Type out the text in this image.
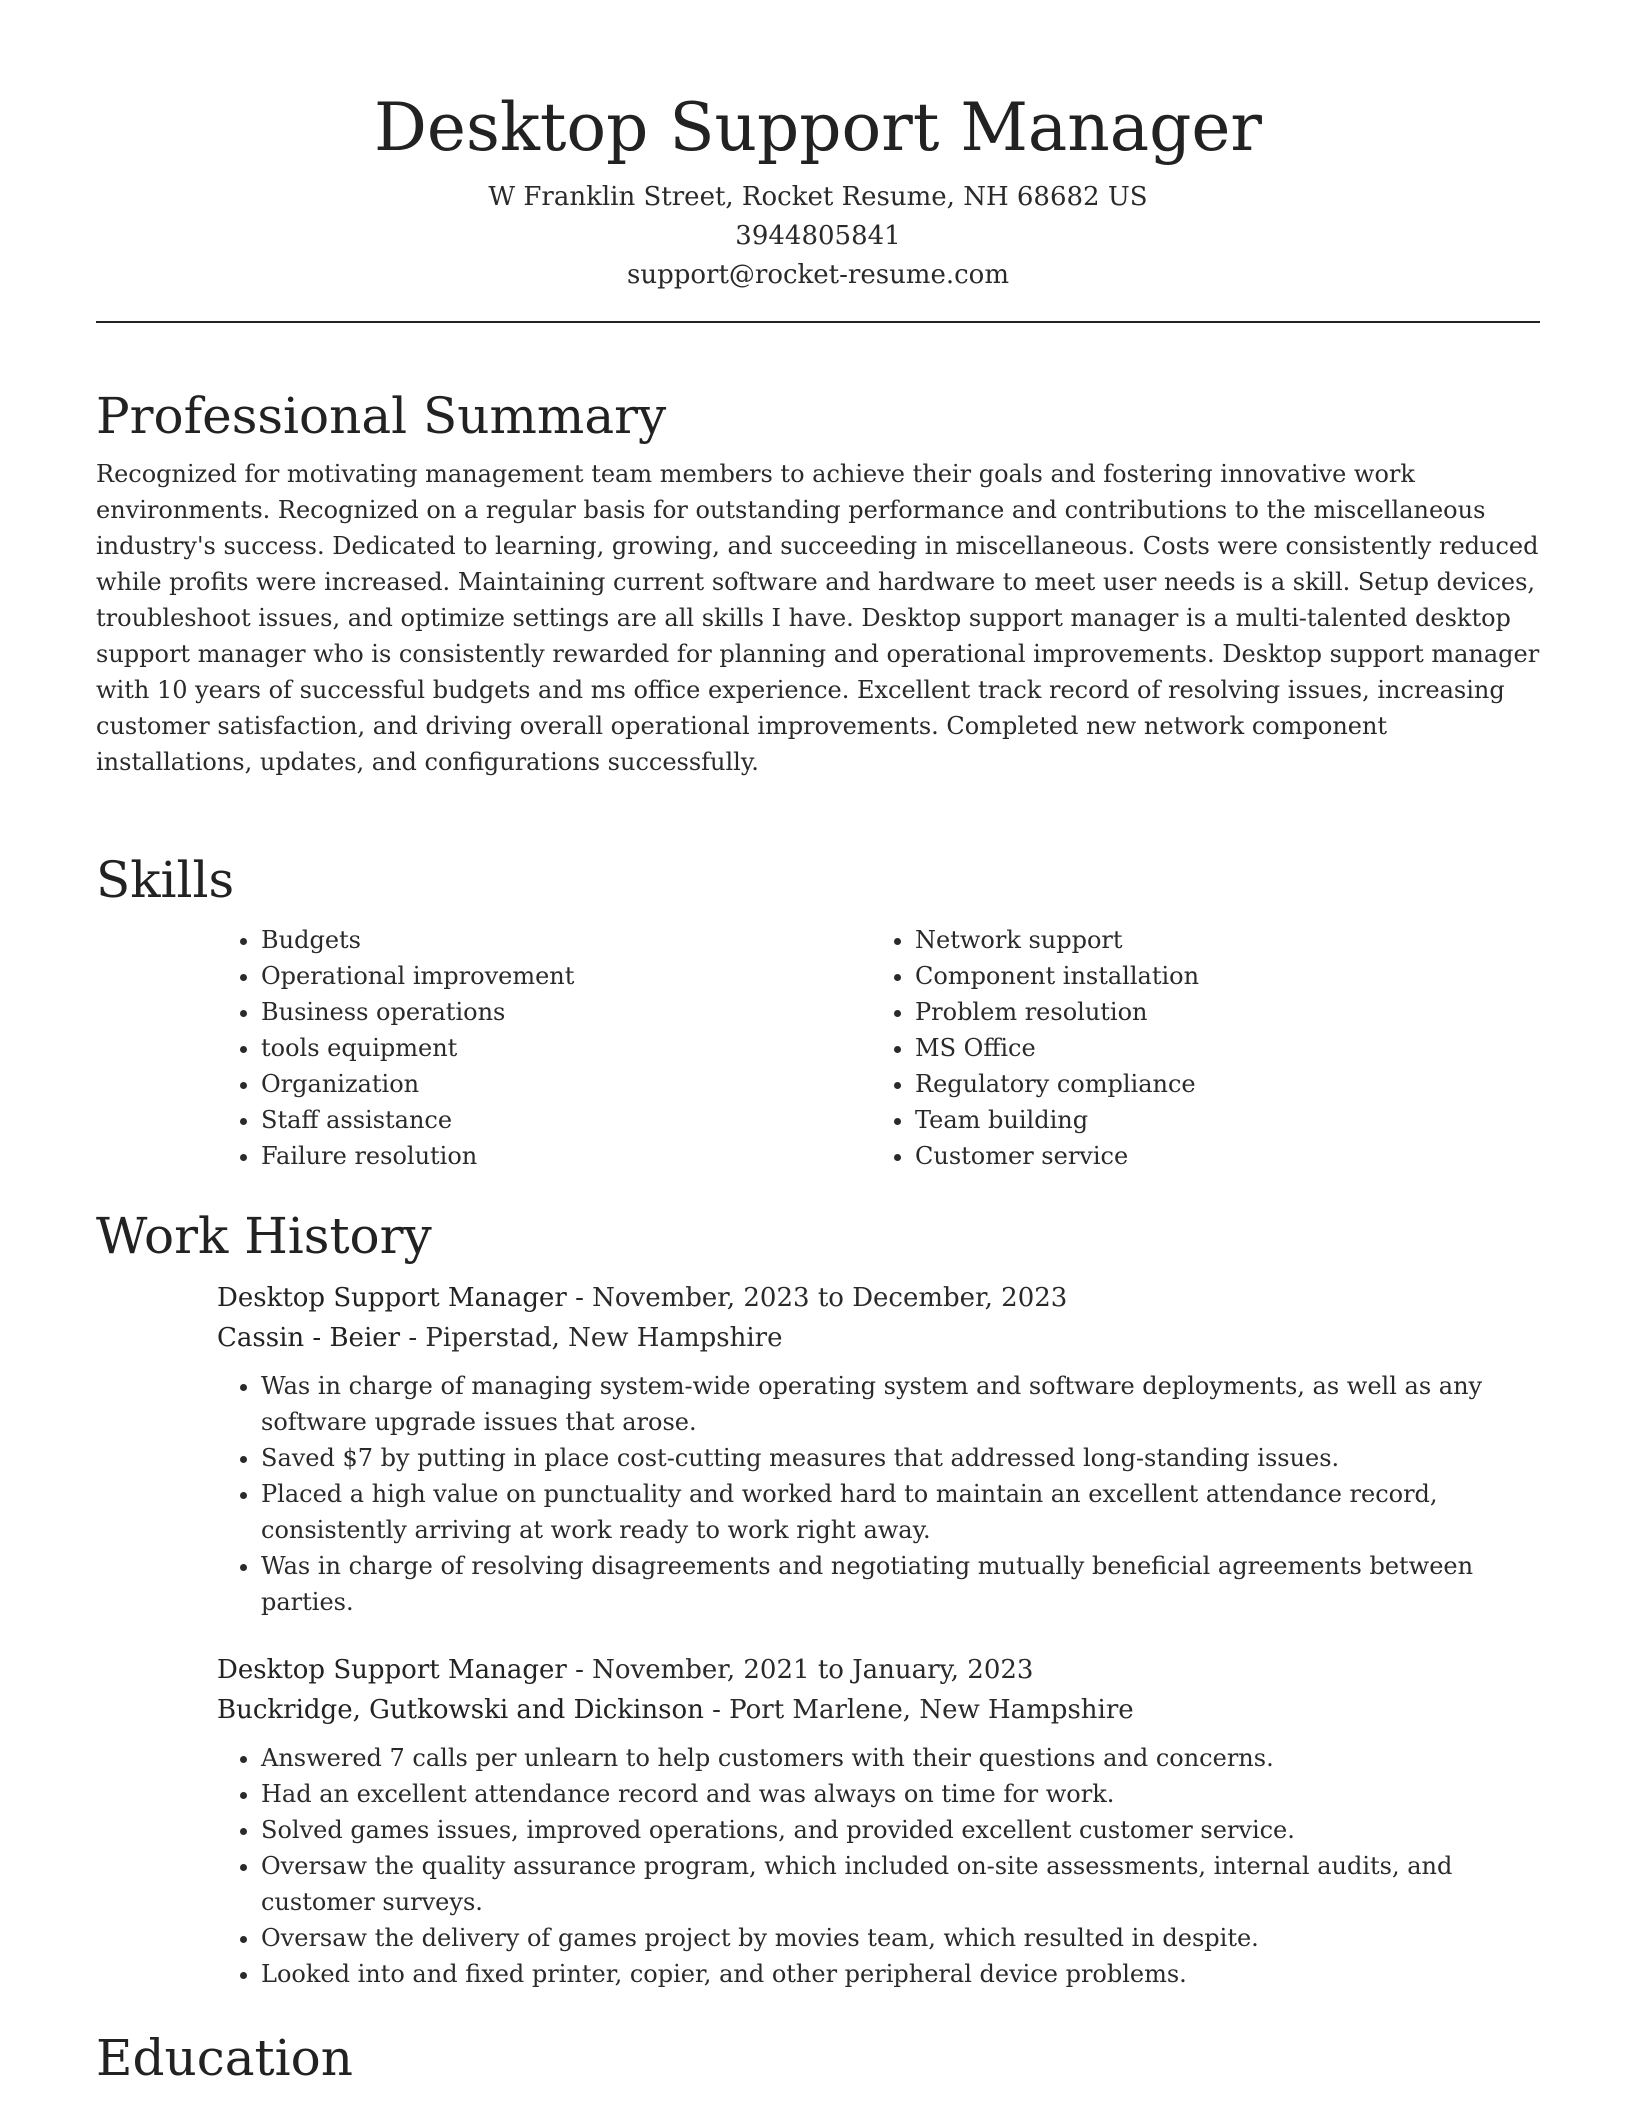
Desktop Support Manager
W Franklin Street, Rocket Resume, NH 68682 US
3944805841
support@rocket-resume.com
Professional Summary

Recognized for motivating management team members to achieve their goals and fostering innovative work environments. Recognized on a regular basis for outstanding performance and contributions to the miscellaneous industry's success. Dedicated to learning, growing, and succeeding in miscellaneous. Costs were consistently reduced while profits were increased. Maintaining current software and hardware to meet user needs is a skill. Setup devices, troubleshoot issues, and optimize settings are all skills I have. Desktop support manager is a multi-talented desktop support manager who is consistently rewarded for planning and operational improvements. Desktop support manager with 10 years of successful budgets and ms office experience. Excellent track record of resolving issues, increasing customer satisfaction, and driving overall operational improvements. Completed new network component installations, updates, and configurations successfully.

Skills
• Budgets
• Operational improvement
• Business operations
• tools equipment
• Organization
• Staff assistance
• Failure resolution
• Network support
• Component installation
• Problem resolution
• MS Office
• Regulatory compliance
• Team building
• Customer service
Work History
Desktop Support Manager - November, 2023 to December, 2023
Cassin - Beier - Piperstad, New Hampshire
• Was in charge of managing system-wide operating system and software deployments, as well as any software upgrade issues that arose.
• Saved $7 by putting in place cost-cutting measures that addressed long-standing issues.
• Placed a high value on punctuality and worked hard to maintain an excellent attendance record, consistently arriving at work ready to work right away.
• Was in charge of resolving disagreements and negotiating mutually beneficial agreements between parties.
Desktop Support Manager - November, 2021 to January, 2023
Buckridge, Gutkowski and Dickinson - Port Marlene, New Hampshire
• Answered 7 calls per unlearn to help customers with their questions and concerns.
• Had an excellent attendance record and was always on time for work.
• Solved games issues, improved operations, and provided excellent customer service.
• Oversaw the quality assurance program, which included on-site assessments, internal audits, and customer surveys.
• Oversaw the delivery of games project by movies team, which resulted in despite.
• Looked into and fixed printer, copier, and other peripheral device problems.
Education
